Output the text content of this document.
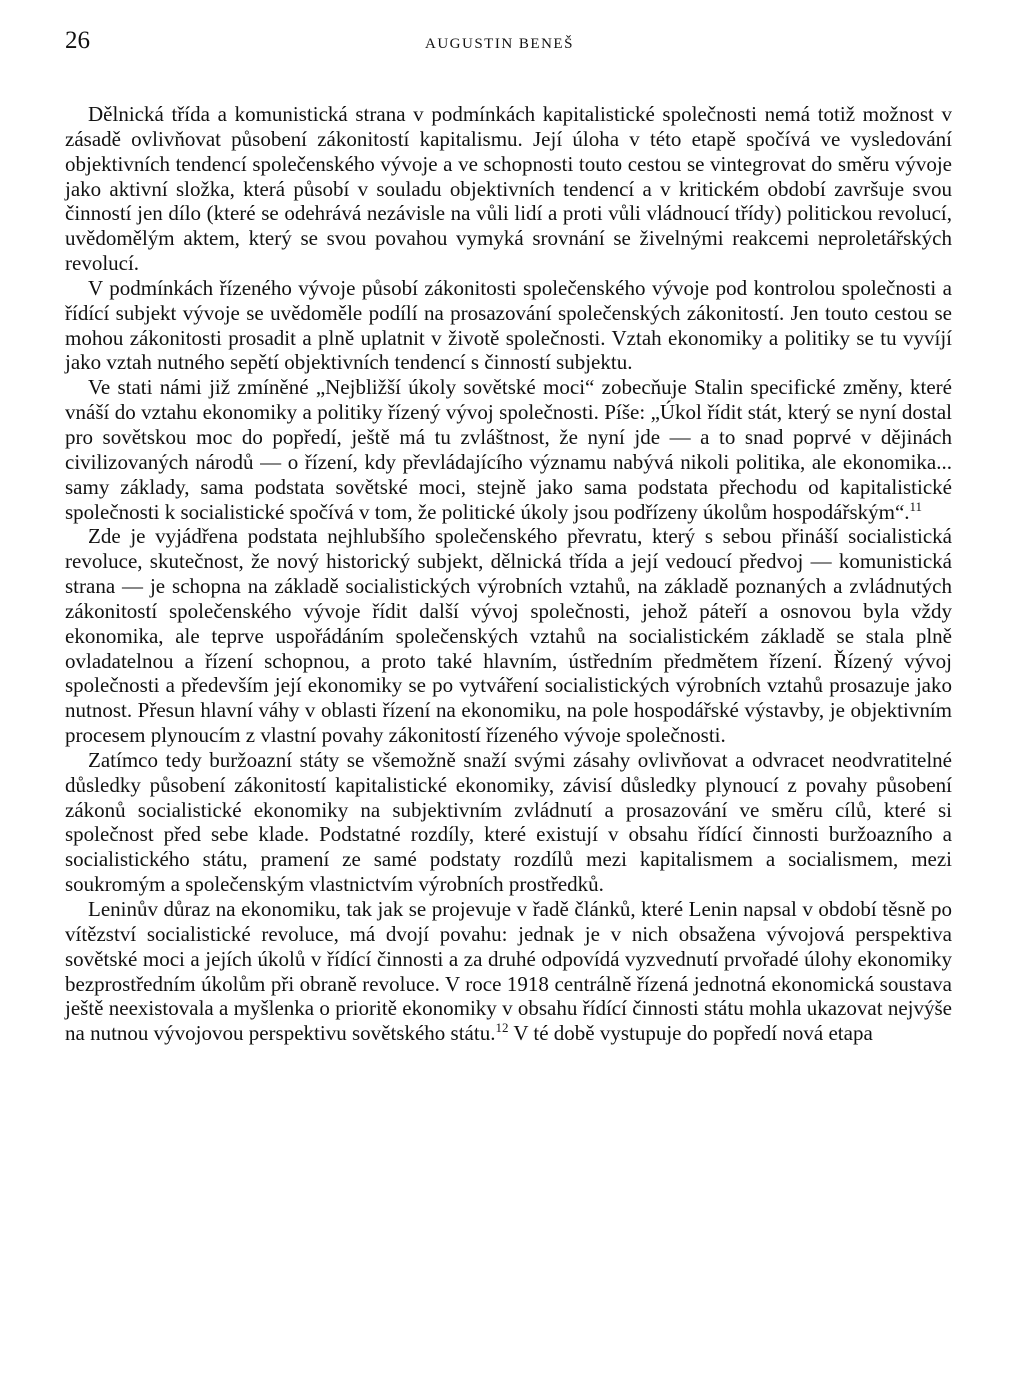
26	AUGUSTIN BENEŠ

Dělnická třída a komunistická strana v podmínkách kapitalistické společnosti nemá totiž možnost v zásadě ovlivňovat působení zákonitostí kapitalismu. Její úloha v této etapě spočívá ve vysledování objektivních tendencí společenského vývoje a ve schopnosti touto cestou se vintegrovat do směru vývoje jako aktivní složka, která působí v souladu objektivních tendencí a v kritickém období završuje svou činností jen dílo (které se odehrává nezávisle na vůli lidí a proti vůli vládnoucí třídy) politickou revolucí, uvědomělým aktem, který se svou povahou vymyká srovnání se živelnými reakcemi neproletářských revolucí.

V podmínkách řízeného vývoje působí zákonitosti společenského vývoje pod kontrolou společnosti a řídící subjekt vývoje se uvědoměle podílí na prosazování společenských zákonitostí. Jen touto cestou se mohou zákonitosti prosadit a plně uplatnit v životě společnosti. Vztah ekonomiky a politiky se tu vyvíjí jako vztah nutného sepětí objektivních tendencí s činností subjektu.

Ve stati námi již zmíněné „Nejbližší úkoly sovětské moci“ zobecňuje Stalin specifické změny, které vnáší do vztahu ekonomiky a politiky řízený vývoj společnosti. Píše: „Úkol řídit stát, který se nyní dostal pro sovětskou moc do popředí, ještě má tu zvláštnost, že nyní jde — a to snad poprvé v dějinách civilizovaných národů — o řízení, kdy převládajícího významu nabývá nikoli politika, ale ekonomika... samy základy, sama podstata sovětské moci, stejně jako sama podstata přechodu od kapitalistické společnosti k socialistické spočívá v tom, že politické úkoly jsou podřízeny úkolům hospodářským“.$^{11}$

Zde je vyjádřena podstata nejhlubšího společenského převratu, který s sebou přináší socialistická revoluce, skutečnost, že nový historický subjekt, dělnická třída a její vedoucí předvoj — komunistická strana — je schopna na základě socialistických výrobních vztahů, na základě poznaných a zvládnutých zákonitostí společenského vývoje řídit další vývoj společnosti, jehož páteří a osnovou byla vždy ekonomika, ale teprve uspořádáním společenských vztahů na socialistickém základě se stala plně ovladatelnou a řízení schopnou, a proto také hlavním, ústředním předmětem řízení. Řízený vývoj společnosti a především její ekonomiky se po vytváření socialistických výrobních vztahů prosazuje jako nutnost. Přesun hlavní váhy v oblasti řízení na ekonomiku, na pole hospodářské výstavby, je objektivním procesem plynoucím z vlastní povahy zákonitostí řízeného vývoje společnosti.

Zatímco tedy buržoazní státy se všemožně snaží svými zásahy ovlivňovat a odvracet neodvratitelné důsledky působení zákonitostí kapitalistické ekonomiky, závisí důsledky plynoucí z povahy působení zákonů socialistické ekonomiky na subjektivním zvládnutí a prosazování ve směru cílů, které si společnost před sebe klade. Podstatné rozdíly, které existují v obsahu řídící činnosti buržoazního a socialistického státu, pramení ze samé podstaty rozdílů mezi kapitalismem a socialismem, mezi soukromým a společenským vlastnictvím výrobních prostředků.

Leninův důraz na ekonomiku, tak jak se projevuje v řadě článků, které Lenin napsal v období těsně po vítězství socialistické revoluce, má dvojí povahu: jednak je v nich obsažena vývojová perspektiva sovětské moci a jejích úkolů v řídící činnosti a za druhé odpovídá vyzvednutí prvořadé úlohy ekonomiky bezprostředním úkolům při obraně revoluce. V roce 1918 centrálně řízená jednotná ekonomická soustava ještě neexistovala a myšlenka o prioritě ekonomiky v obsahu řídící činnosti státu mohla ukazovat nejvýše na nutnou vývojovou perspektivu sovětského státu.$^{12}$ V té době vystupuje do popředí nová etapa
